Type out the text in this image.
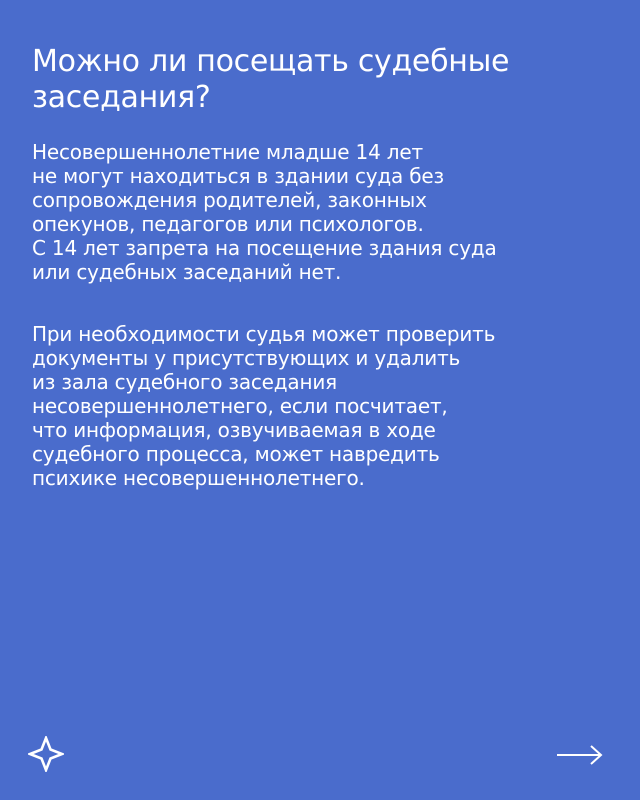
Можно ли посещать судебные
заседания?
Несовершеннолетние младше 14 лет
не могут находиться в здании суда без
сопровождения родителей, законных
опекунов, педагогов или психологов.
С 14 лет запрета на посещение здания суда
или судебных заседаний нет.
При необходимости судья может проверить
документы у присутствующих и удалить
из зала судебного заседания
несовершеннолетнего, если посчитает,
что информация, озвучиваемая в ходе
судебного процесса, может навредить
психике несовершеннолетнего.
